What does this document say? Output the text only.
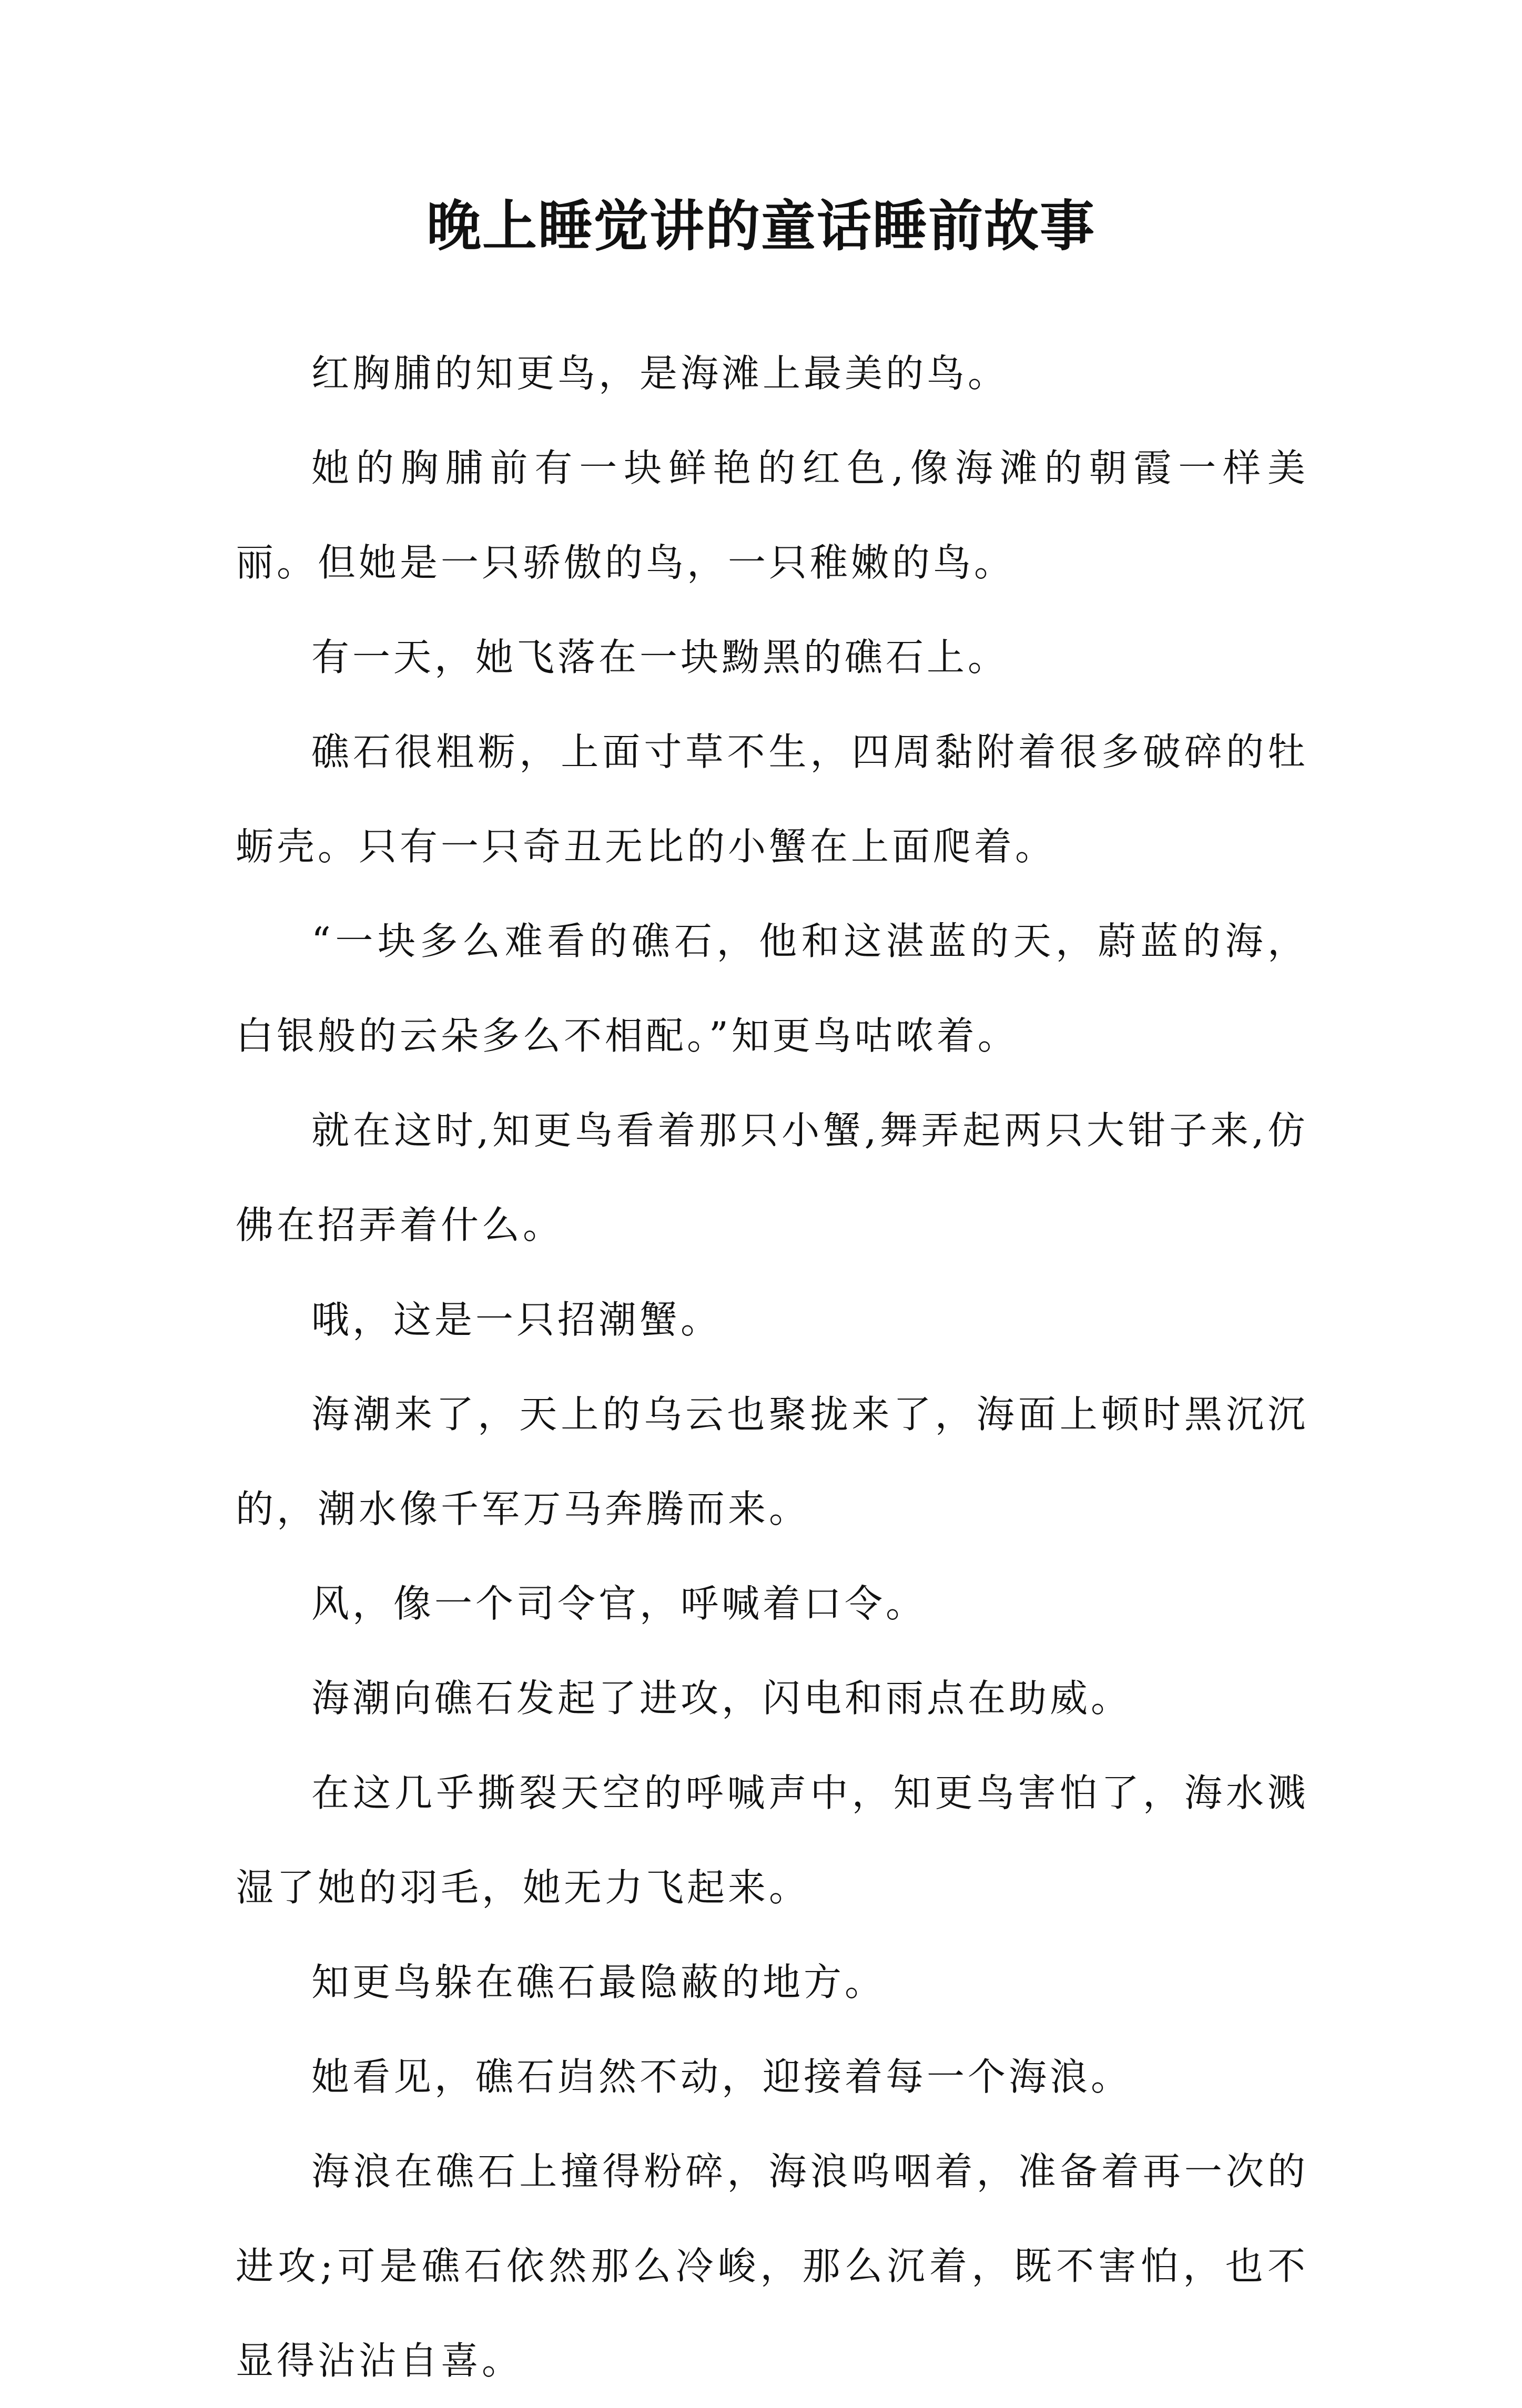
晚上睡觉讲的童话睡前故事

红胸脯的知更鸟，是海滩上最美的鸟。

她的胸脯前有一块鲜艳的红色,像海滩的朝霞一样美丽。但她是一只骄傲的鸟，一只稚嫩的鸟。

有一天，她飞落在一块黝黑的礁石上。

礁石很粗粝，上面寸草不生，四周黏附着很多破碎的牡蛎壳。只有一只奇丑无比的小蟹在上面爬着。

“一块多么难看的礁石，他和这湛蓝的天，蔚蓝的海，白银般的云朵多么不相配。”知更鸟咕哝着。

就在这时,知更鸟看着那只小蟹,舞弄起两只大钳子来,仿佛在招弄着什么。

哦，这是一只招潮蟹。

海潮来了，天上的乌云也聚拢来了，海面上顿时黑沉沉的，潮水像千军万马奔腾而来。

风，像一个司令官，呼喊着口令。

海潮向礁石发起了进攻，闪电和雨点在助威。

在这几乎撕裂天空的呼喊声中，知更鸟害怕了，海水溅湿了她的羽毛，她无力飞起来。

知更鸟躲在礁石最隐蔽的地方。

她看见，礁石岿然不动，迎接着每一个海浪。

海浪在礁石上撞得粉碎，海浪呜咽着，准备着再一次的进攻;可是礁石依然那么冷峻，那么沉着，既不害怕，也不显得沾沾自喜。
